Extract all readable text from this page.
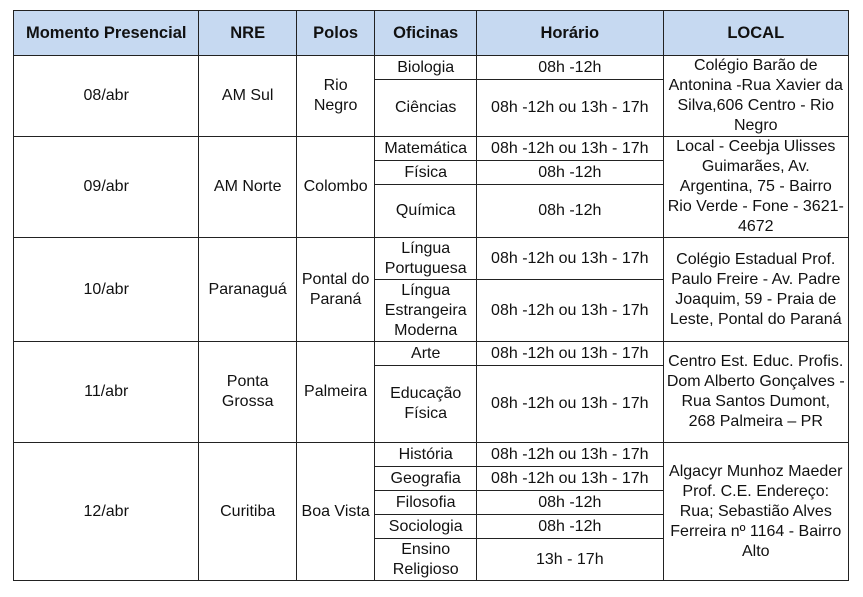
Momento Presencial	NRE	Polos	Oficinas	Horário	LOCAL
08/abr	AM Sul	Rio Negro	Biologia	08h -12h	Colégio Barão de Antonina -Rua Xavier da Silva,606 Centro - Rio Negro
			Ciências	08h -12h ou 13h - 17h	
09/abr	AM Norte	Colombo	Matemática	08h -12h ou 13h - 17h	Local - Ceebja Ulisses Guimarães, Av. Argentina, 75 - Bairro Rio Verde - Fone - 3621-4672
			Física	08h -12h	
			Química	08h -12h	
10/abr	Paranaguá	Pontal do Paraná	Língua Portuguesa	08h -12h ou 13h - 17h	Colégio Estadual Prof. Paulo Freire - Av. Padre Joaquim, 59 - Praia de Leste, Pontal do Paraná
			Língua Estrangeira Moderna	08h -12h ou 13h - 17h	
11/abr	Ponta Grossa	Palmeira	Arte	08h -12h ou 13h - 17h	Centro Est. Educ. Profis. Dom Alberto Gonçalves - Rua Santos Dumont, 268 Palmeira – PR
			Educação Física	08h -12h ou 13h - 17h	
12/abr	Curitiba	Boa Vista	História	08h -12h ou 13h - 17h	Algacyr Munhoz Maeder Prof. C.E. Endereço: Rua; Sebastião Alves Ferreira nº 1164 - Bairro Alto
			Geografia	08h -12h ou 13h - 17h	
			Filosofia	08h -12h	
			Sociologia	08h -12h	
			Ensino Religioso	13h - 17h	
